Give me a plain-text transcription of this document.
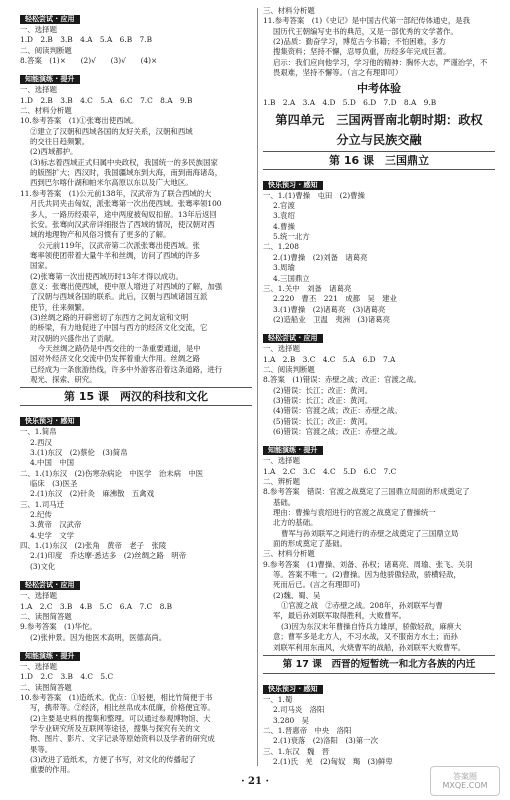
轻松尝试 · 应用
一、选择题
1.D　2.B　3.B　4.A　5.A　6.B　7.B
二、阅读判断题
8.答案　(1)×　　(2)√　　(3)√　　(4)×
知能演练 · 提升
一、选择题
1.D　2.B　3.B　4.C　5.A　6.C　7.C　8.A　9.B
二、材料分析题
10.参考答案　(1)①张骞出使西域。
②建立了汉朝和西域各国的友好关系，汉朝和西域
的交往日趋频繁。
(2)西域都护。
(3)标志着西域正式归属中央政权，我国统一的多民族国家
的版图扩大；西汉时，我国疆域东到大海，南到南海诸岛，
西到巴尔喀什湖和帕米尔高原以东以及广大地区。
11.参考答案　(1)公元前138年，汉武帝为了联合西域的大
月氏共同夹击匈奴，派张骞第一次出使西域。张骞率领100
多人，一路历经艰辛，途中两度被匈奴扣留。13年后返回
长安。张骞向汉武帝详细报告了西域的情况，使汉朝对西
域的地理物产和风俗习惯有了更多的了解。
公元前119年，汉武帝第二次派张骞出使西域。张
骞率领使团带着大量牛羊和丝绸，访问了西域的许多
国家。
(2)张骞第一次出使西域历时13年才得以成功。
意义：张骞出使西域，使中原人增进了对西域的了解，加强
了汉朝与西域各国的联系。此后，汉朝与西域诸国互派
使节，往来频繁。
(3)丝绸之路的开辟密切了东西方之间友谊和文明
的桥梁，有力地促进了中国与西方的经济文化交流，它
对汉朝的兴盛作出了贡献。
今天丝绸之路仍是中西交往的一条重要通道，是中
国对外经济文化交流中仍发挥着重大作用。丝绸之路
已经成为一条旅游热线，许多中外游客沿着这条道路，进行
观光、探索、研究。
第 15 课　两汉的科技和文化
快乐预习 · 感知
一、1.简帛
2.西汉
3.(1)东汉　(2)蔡伦　(3)简帛
4.中国　中国
二、1.(1)东汉　(2)伤寒杂病论　中医学　治未病　中医
临床　(3)医圣
2.(1)东汉　(2)针灸　麻沸散　五禽戏
三、1.司马迁
2.纪传
3.黄帝　汉武帝
4.史学　文学
四、1.(1)东汉　(2)张角　黄帝　老子　张陵
2.(1)印度　乔达摩·悉达多　(2)丝绸之路　明帝
(3)文化
轻松尝试 · 应用
一、选择题
1.A　2.C　3.B　4.B　5.C　6.A　7.C　8.B
二、读图简答题
9.参考答案　(1)华佗。
(2)张仲景。因为他医术高明，医德高尚。
知能演练 · 提升
一、选择题
1.D　2.C　3.B　4.C　5.C
二、读图简答题
10.参考答案　(1)造纸术。优点：①轻便，相比竹简便于书
写，携带等。②经济，相比丝帛成本低廉，价格便宜等。
(2)主要是史料的搜集和整理。可以通过参观博物馆、大
学专业研究所及互联网等途径，搜集与探究有关的文
物、图片、影片、文字记录等原始资料以及学者的研究成
果等。
(3)改进了造纸术，方便了书写，对文化的传播起了
重要的作用。
三、材料分析题
11.参考答案　(1)《史记》是中国古代第一部纪传体通史，是我
国历代王朝编写史书的典范，又是一部优秀的文学著作。
(2)品质：勤奋学习，博览古今书籍；不怕困难，多方
搜集资料；坚持不懈，忍辱负重，历经多年完成巨著。
启示：我们应向他学习，学习他的精神：胸怀大志，严谨治学，不
畏艰难，坚持不懈等。（言之有理即可）
中考体验
1.B　2.A　3.A　4.D　5.D　6.D　7.D　8.A　9.B
第四单元　三国两晋南北朝时期：政权
分立与民族交融
第 16 课　三国鼎立
快乐预习 · 感知
一、1.(1)曹操　屯田　(2)曹操
2.官渡
3.袁绍
4.曹操
5.统一北方
二、1.208
2.(1)曹操　(2)刘备　诸葛亮
3.周瑜
4.三国鼎立
三、1.关中　刘备　诸葛亮
2.220　曹丕　221　成都　吴　建业
3.(1)曹操　(2)诸葛亮　(3)诸葛亮
(2)造船业　卫温　夷洲　(3)诸葛亮
轻松尝试 · 应用
一、选择题
1.A　2.B　3.C　4.C　5.A　6.D　7.A
二、阅读判断题
8.答案　(1)错误：赤壁之战；改正：官渡之战。
(2)错误：长江；改正：黄河。
(3)错误：长江；改正：黄河。
(4)错误：官渡之战；改正：赤壁之战。
(5)错误：长江；改正：黄河。
(6)错误：官渡之战；改正：赤壁之战。
知能演练 · 提升
一、选择题
1.A　2.C　3.C　4.C　5.D　6.C　7.C
二、辨析题
8.参考答案　错误：官渡之战奠定了三国鼎立局面的形成奠定了
基础。
理由：曹操与袁绍进行的官渡之战奠定了曹操统一
北方的基础。
曹军与孙刘联军之间进行的赤壁之战奠定了三国鼎立局
面的形成奠定了基础。
三、材料分析题
9.参考答案　(1)曹操、刘备、孙权；诸葛亮、周瑜、张飞、关羽
等。答案不唯一。(2)曹操。因为他骄傲轻敌，骄横轻敌，
死而后已。(言之有理即可)
(2)魏、蜀、吴
①官渡之战　②赤壁之战。208年，孙刘联军与曹
军，最后孙刘联军取得胜利，大败曹军。
(3)因为东汉末年曹操自恃兵力雄厚，骄傲轻敌，麻痹大
意；曹军多是北方人，不习水战，又不服南方水土；而孙
刘联军利用东南风，火烧曹军的战船，孙刘联军大败曹军。
第 17 课　西晋的短暂统一和北方各族的内迁
快乐预习 · 感知
一、1.蜀
2.司马炎　洛阳
3.280　吴
二、1.晋惠帝　中央　洛阳
2.(1)衰落　(2)洛阳　(3)第一次
三、1.东汉　魏　晋
2.(1)氏　羌　(2)匈奴　羯　(3)鲜卑
· 21 ·	答案圈 MXQE.COM
